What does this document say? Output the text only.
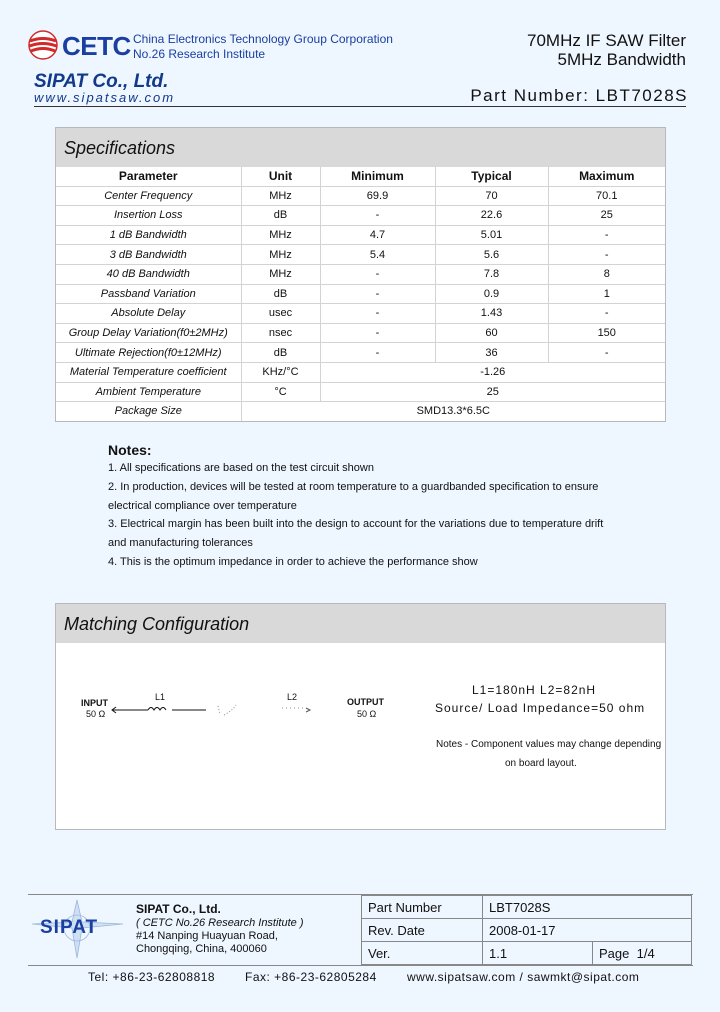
CETC China Electronics Technology Group Corporation
No.26 Research Institute
70MHz IF SAW Filter
5MHz Bandwidth
SIPAT Co., Ltd.
www.sipatsaw.com	Part Number: LBT7028S
Specifications
Parameter	Unit	Minimum	Typical	Maximum
Center Frequency	MHz	69.9	70	70.1
Insertion Loss	dB	-	22.6	25
1 dB Bandwidth	MHz	4.7	5.01	-
3 dB Bandwidth	MHz	5.4	5.6	-
40 dB Bandwidth	MHz	-	7.8	8
Passband Variation	dB	-	0.9	1
Absolute Delay	usec	-	1.43	-
Group Delay Variation(f0±2MHz)	nsec	-	60	150
Ultimate Rejection(f0±12MHz)	dB	-	36	-
Material Temperature coefficient	KHz/°C	-1.26		
Ambient Temperature	°C	25		
Package Size	SMD13.3*6.5C			
Notes:
1. All specifications are based on the test circuit shown
2. In production, devices will be tested at room temperature to a guardbanded specification to ensure
electrical compliance over temperature
3. Electrical margin has been built into the design to account for the variations due to temperature drift
and manufacturing tolerances
4. This is the optimum impedance in order to achieve the performance show
Matching Configuration
INPUT
50 Ω
L1	L2	OUTPUT
50 Ω
L1=180nH L2=82nH
Source/ Load Impedance=50 ohm
Notes - Component values may change depending
on board layout.
SIPAT
SIPAT Co., Ltd.
( CETC No.26 Research Institute )
#14 Nanping Huayuan Road,
Chongqing, China, 400060
Part Number	LBT7028S	
Rev. Date	2008-01-17	
Ver.	1.1	Page 1/4
Tel: +86-23-62808818 Fax: +86-23-62805284	www.sipatsaw.com / sawmkt@sipat.com
